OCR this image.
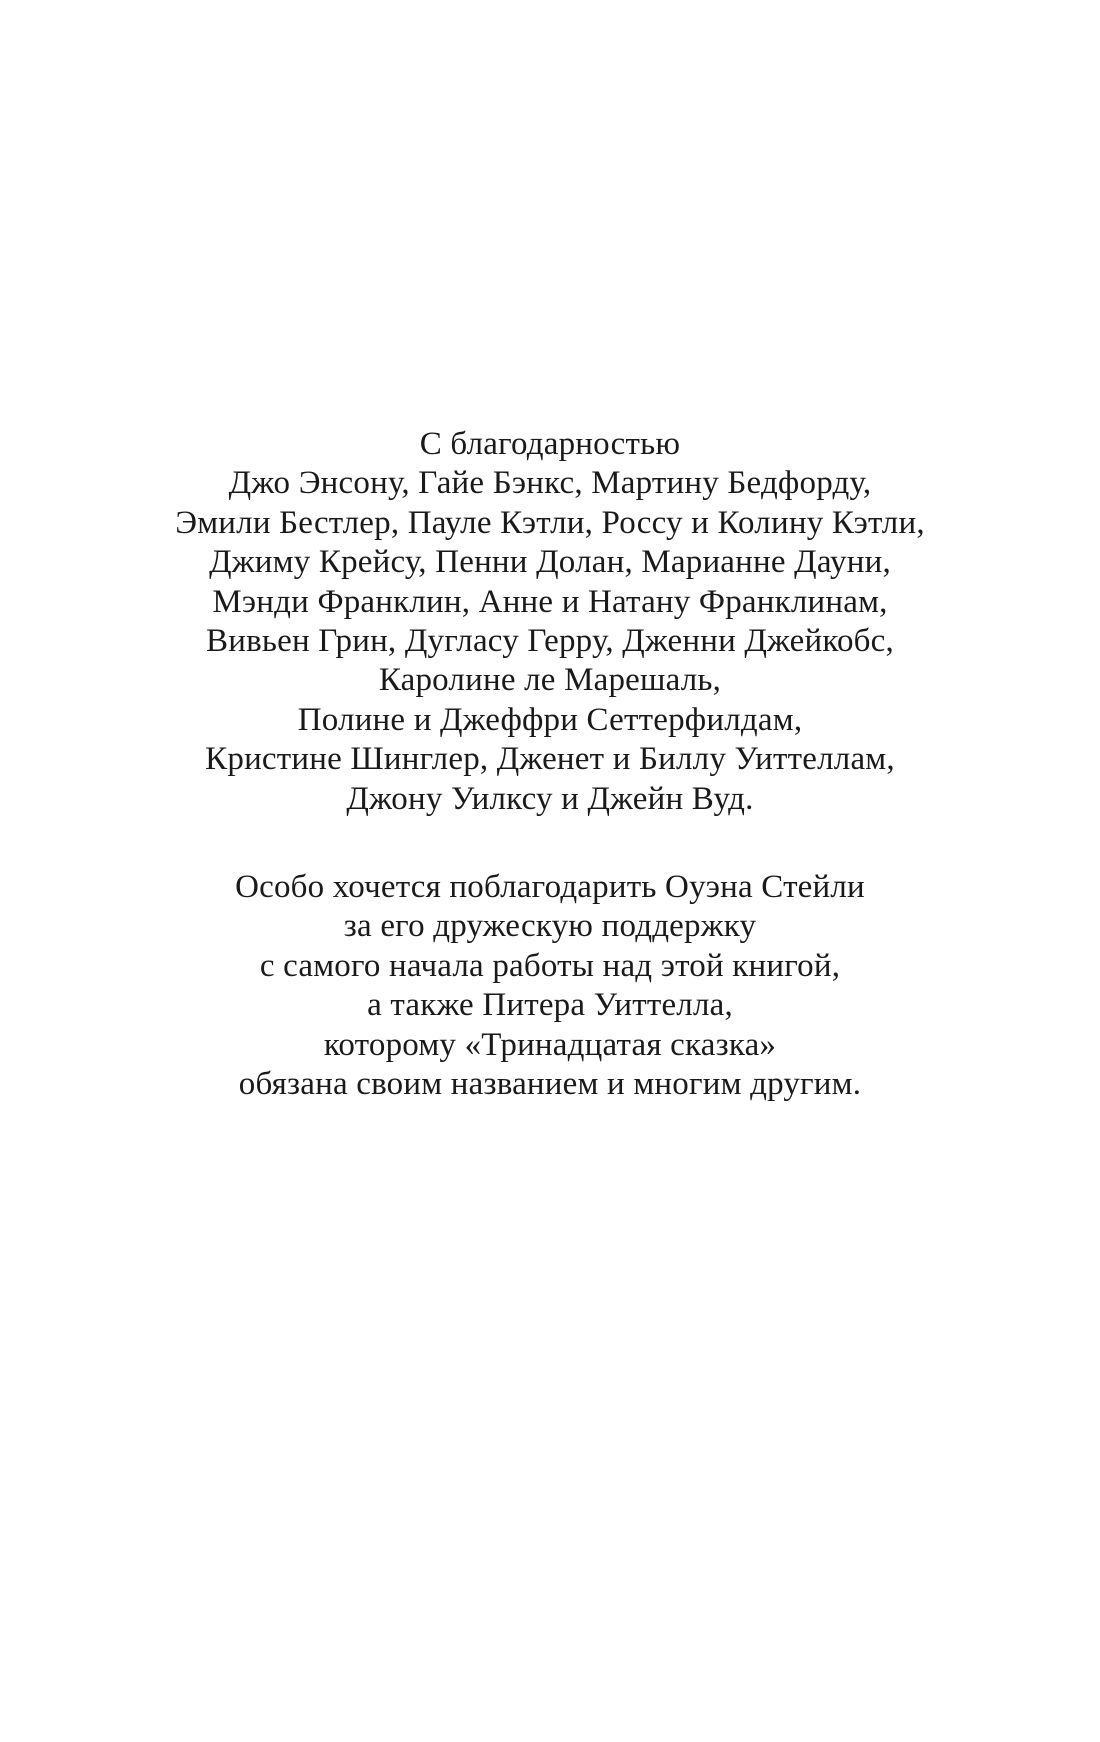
С благодарностью
Джо Энсону, Гайе Бэнкс, Мартину Бедфорду,
Эмили Бестлер, Пауле Кэтли, Россу и Колину Кэтли,
Джиму Крейсу, Пенни Долан, Марианне Дауни,
Мэнди Франклин, Анне и Натану Франклинам,
Вивьен Грин, Дугласу Герру, Дженни Джейкобс,
Каролине ле Марешаль,
Полине и Джеффри Сеттерфилдам,
Кристине Шинглер, Дженет и Биллу Уиттеллам,
Джону Уилксу и Джейн Вуд.
Особо хочется поблагодарить Оуэна Стейли
за его дружескую поддержку
с самого начала работы над этой книгой,
а также Питера Уиттелла,
которому «Тринадцатая сказка»
обязана своим названием и многим другим.
